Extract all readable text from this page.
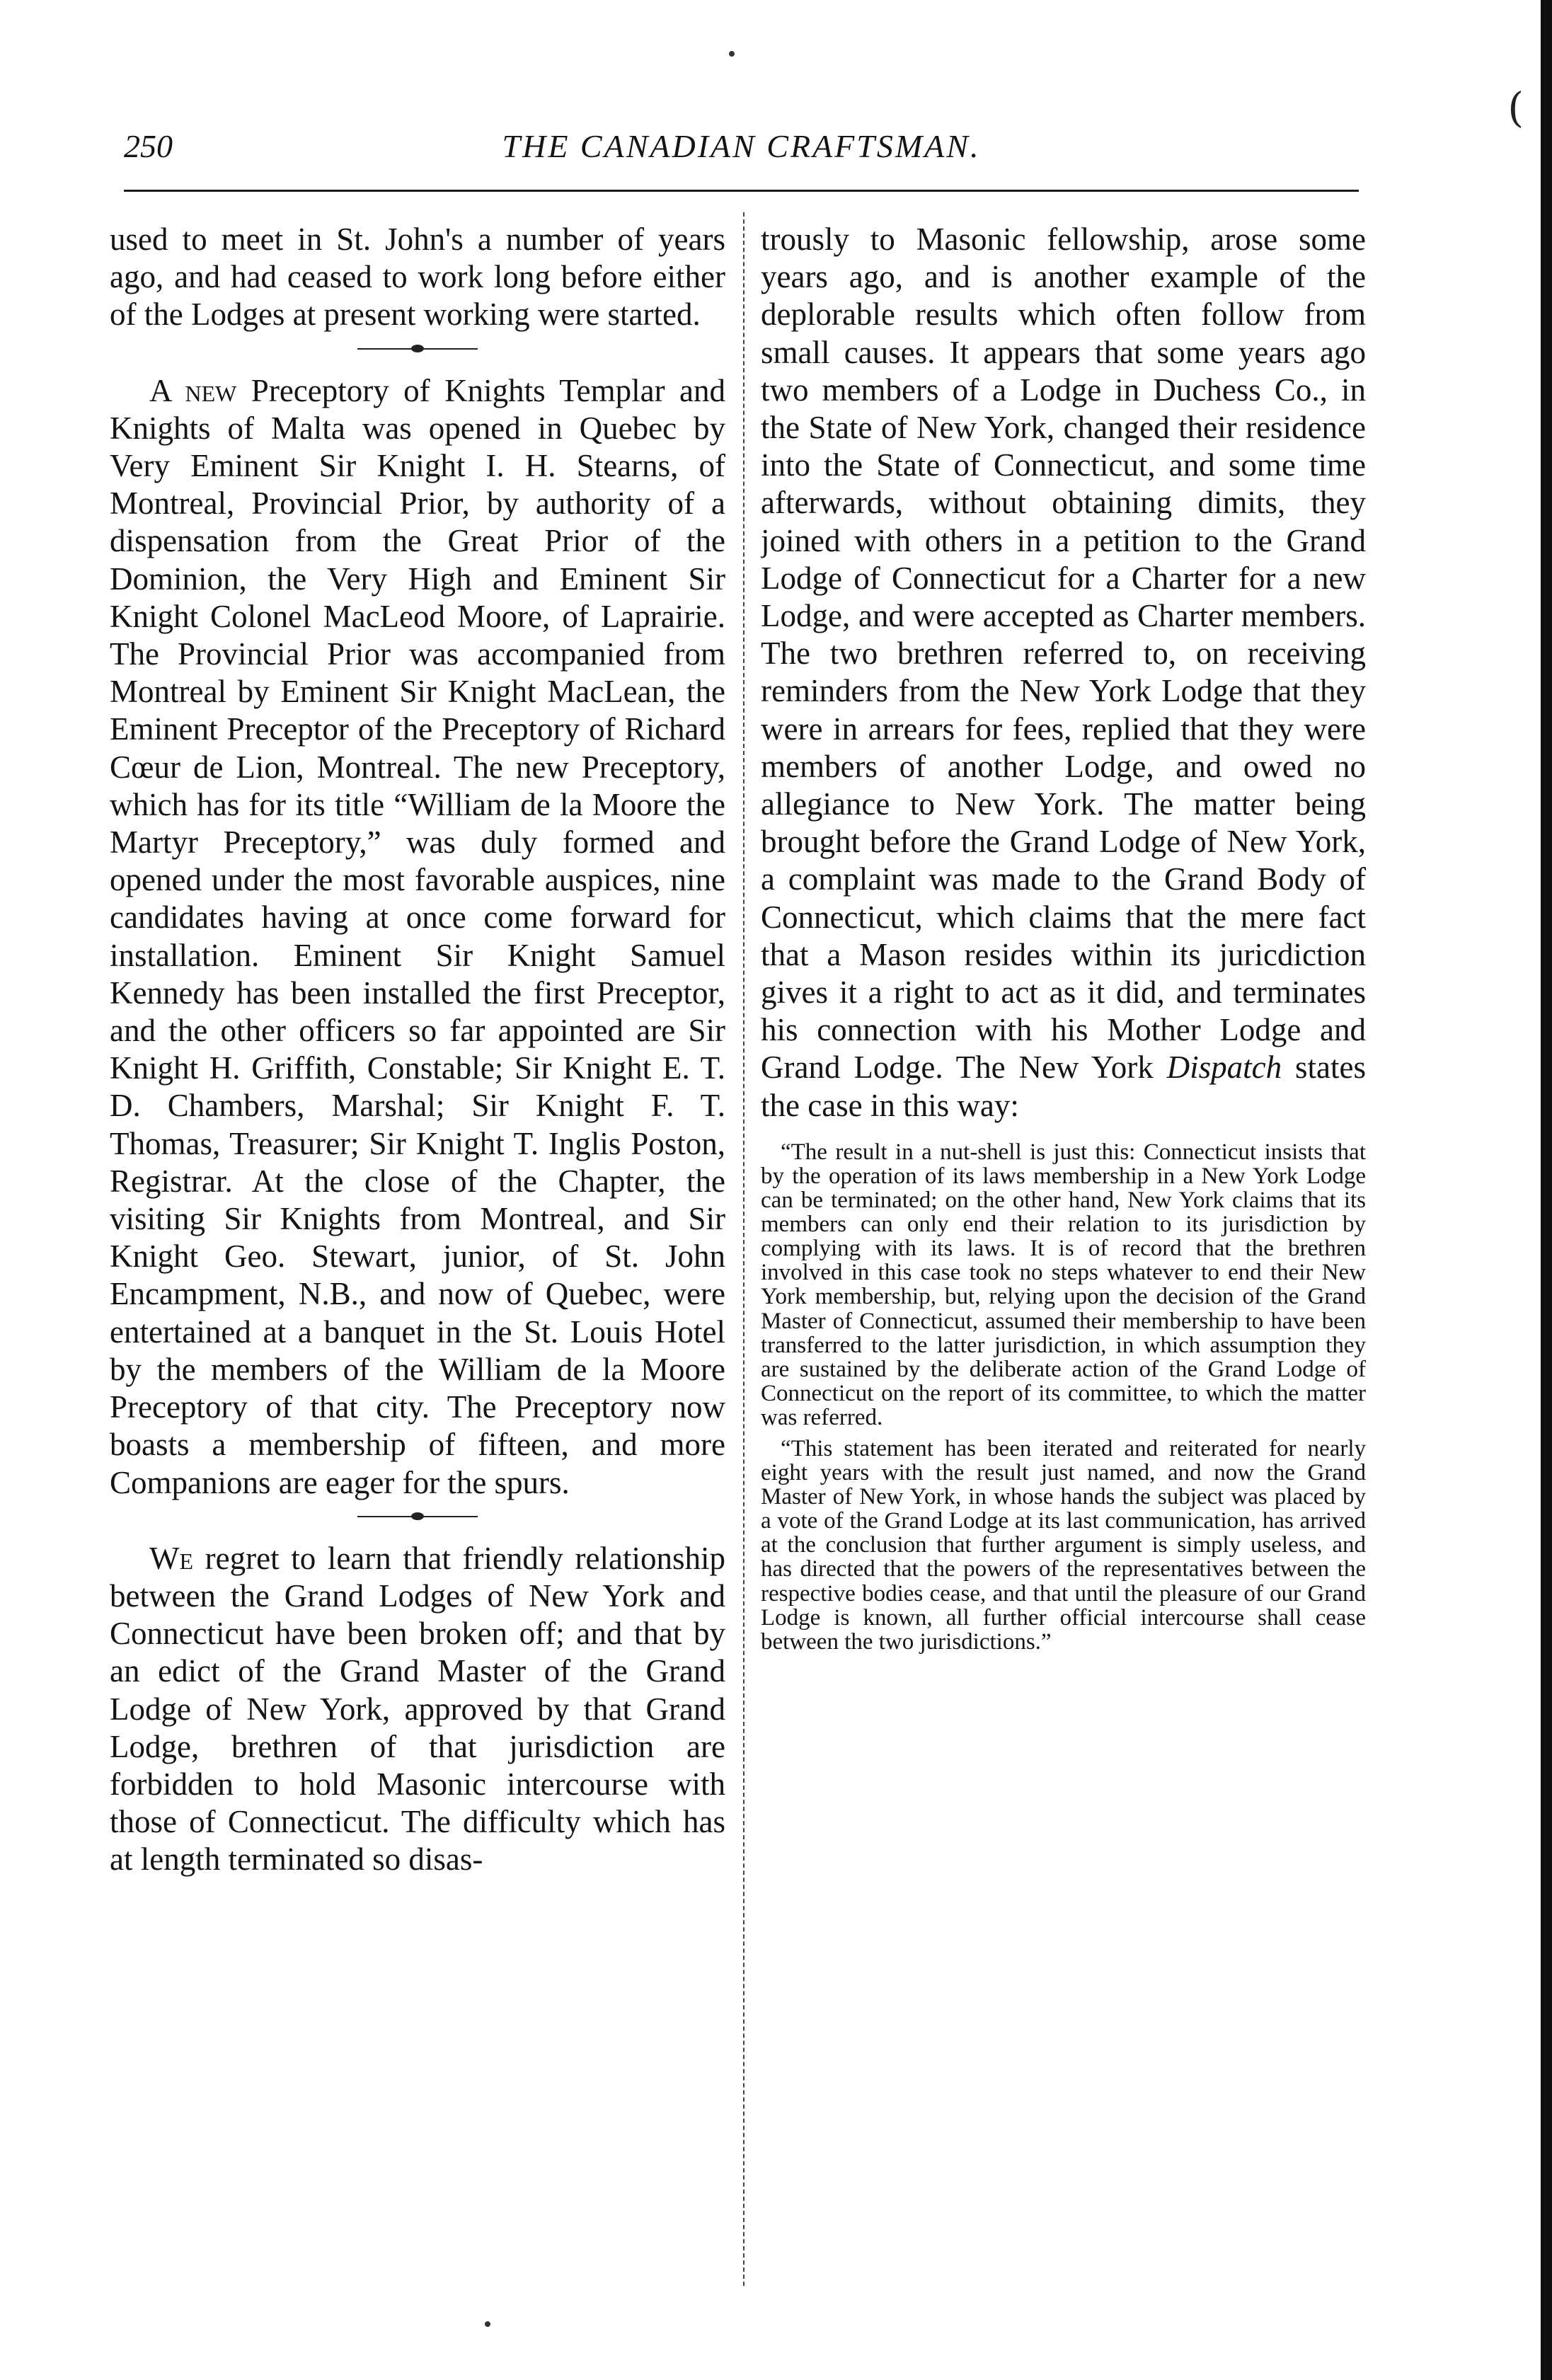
(
250	THE CANADIAN CRAFTSMAN.

used to meet in St. John's a number of years ago, and had ceased to work long before either of the Lodges at present working were started.

A new Preceptory of Knights Templar and Knights of Malta was opened in Quebec by Very Eminent Sir Knight I. H. Stearns, of Montreal, Provincial Prior, by authority of a dispensation from the Great Prior of the Dominion, the Very High and Eminent Sir Knight Colonel MacLeod Moore, of Laprairie. The Provincial Prior was accompanied from Montreal by Eminent Sir Knight MacLean, the Eminent Preceptor of the Preceptory of Richard Cœur de Lion, Montreal. The new Preceptory, which has for its title “William de la Moore the Martyr Preceptory,” was duly formed and opened under the most favorable auspices, nine candidates having at once come forward for installation. Eminent Sir Knight Samuel Kennedy has been installed the first Preceptor, and the other officers so far appointed are Sir Knight H. Griffith, Constable; Sir Knight E. T. D. Chambers, Marshal; Sir Knight F. T. Thomas, Treasurer; Sir Knight T. Inglis Poston, Registrar. At the close of the Chapter, the visiting Sir Knights from Montreal, and Sir Knight Geo. Stewart, junior, of St. John Encampment, N.B., and now of Quebec, were entertained at a banquet in the St. Louis Hotel by the members of the William de la Moore Preceptory of that city. The Preceptory now boasts a membership of fifteen, and more Companions are eager for the spurs.

We regret to learn that friendly relationship between the Grand Lodges of New York and Connecticut have been broken off; and that by an edict of the Grand Master of the Grand Lodge of New York, approved by that Grand Lodge, brethren of that jurisdiction are forbidden to hold Masonic intercourse with those of Connecticut. The difficulty which has at length terminated so disas-

trously to Masonic fellowship, arose some years ago, and is another example of the deplorable results which often follow from small causes. It appears that some years ago two members of a Lodge in Duchess Co., in the State of New York, changed their residence into the State of Connecticut, and some time afterwards, without obtaining dimits, they joined with others in a petition to the Grand Lodge of Connecticut for a Charter for a new Lodge, and were accepted as Charter members. The two brethren referred to, on receiving reminders from the New York Lodge that they were in arrears for fees, replied that they were members of another Lodge, and owed no allegiance to New York. The matter being brought before the Grand Lodge of New York, a complaint was made to the Grand Body of Connecticut, which claims that the mere fact that a Mason resides within its juricdiction gives it a right to act as it did, and terminates his connection with his Mother Lodge and Grand Lodge. The New York Dispatch states the case in this way:

“The result in a nut-shell is just this: Connecticut insists that by the operation of its laws membership in a New York Lodge can be terminated; on the other hand, New York claims that its members can only end their relation to its jurisdiction by complying with its laws. It is of record that the brethren involved in this case took no steps whatever to end their New York membership, but, relying upon the decision of the Grand Master of Connecticut, assumed their membership to have been transferred to the latter jurisdiction, in which assumption they are sustained by the deliberate action of the Grand Lodge of Connecticut on the report of its committee, to which the matter was referred.

“This statement has been iterated and reiterated for nearly eight years with the result just named, and now the Grand Master of New York, in whose hands the subject was placed by a vote of the Grand Lodge at its last communication, has arrived at the conclusion that further argument is simply useless, and has directed that the powers of the representatives between the respective bodies cease, and that until the pleasure of our Grand Lodge is known, all further official intercourse shall cease between the two jurisdictions.”
